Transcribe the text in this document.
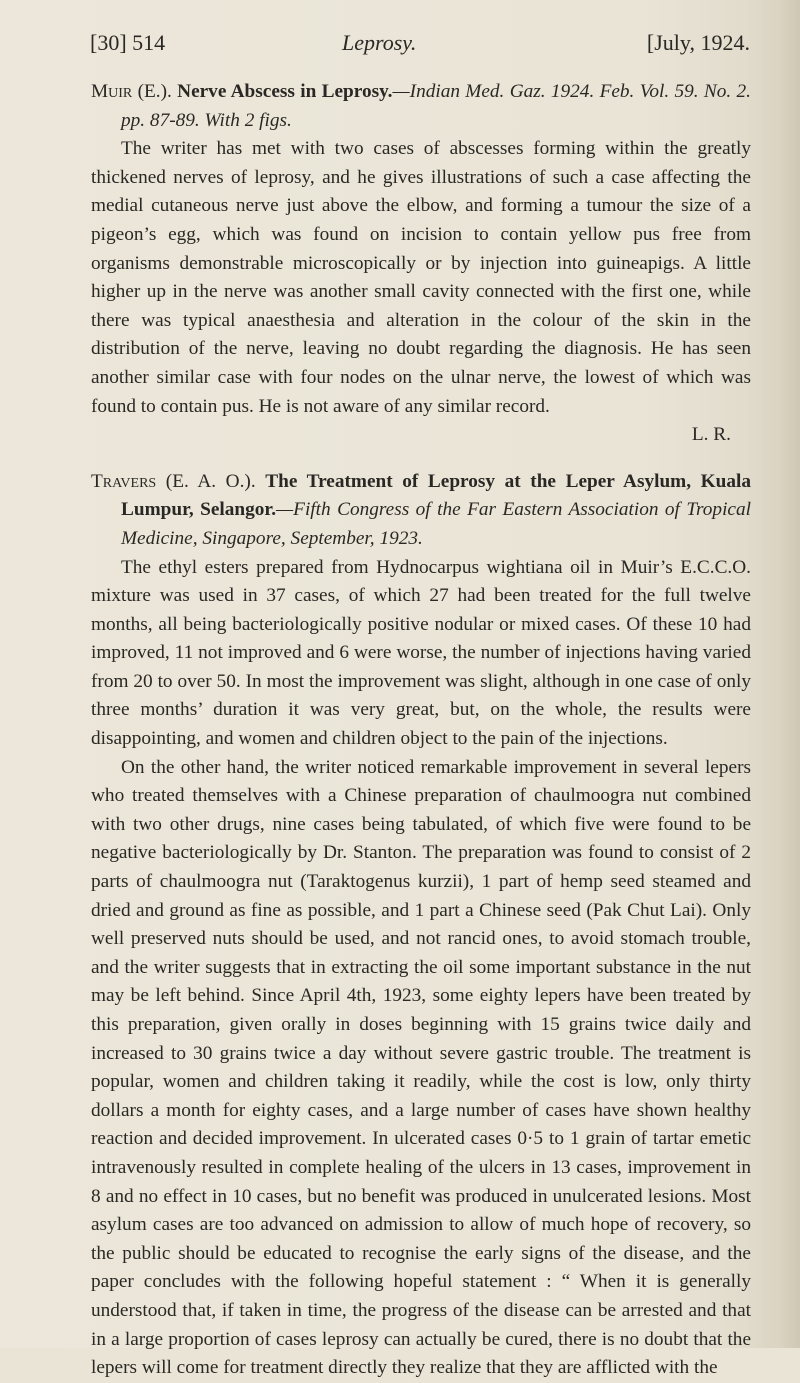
[30] 514	Leprosy.	[July, 1924.

Muir (E.). Nerve Abscess in Leprosy.—Indian Med. Gaz. 1924. Feb. Vol. 59. No. 2. pp. 87-89. With 2 figs.

The writer has met with two cases of abscesses forming within the greatly thickened nerves of leprosy, and he gives illustrations of such a case affecting the medial cutaneous nerve just above the elbow, and forming a tumour the size of a pigeon’s egg, which was found on incision to contain yellow pus free from organisms demonstrable microscopically or by injection into guineapigs. A little higher up in the nerve was another small cavity connected with the first one, while there was typical anaesthesia and alteration in the colour of the skin in the distribution of the nerve, leaving no doubt regarding the diagnosis. He has seen another similar case with four nodes on the ulnar nerve, the lowest of which was found to contain pus. He is not aware of any similar record.

L. R.

Travers (E. A. O.). The Treatment of Leprosy at the Leper Asylum, Kuala Lumpur, Selangor.—Fifth Congress of the Far Eastern Association of Tropical Medicine, Singapore, September, 1923.

The ethyl esters prepared from Hydnocarpus wightiana oil in Muir’s E.C.C.O. mixture was used in 37 cases, of which 27 had been treated for the full twelve months, all being bacteriologically positive nodular or mixed cases. Of these 10 had improved, 11 not improved and 6 were worse, the number of injections having varied from 20 to over 50. In most the improvement was slight, although in one case of only three months’ duration it was very great, but, on the whole, the results were disappointing, and women and children object to the pain of the injections.

On the other hand, the writer noticed remarkable improvement in several lepers who treated themselves with a Chinese preparation of chaulmoogra nut combined with two other drugs, nine cases being tabulated, of which five were found to be negative bacteriologically by Dr. Stanton. The preparation was found to consist of 2 parts of chaulmoogra nut (Taraktogenus kurzii), 1 part of hemp seed steamed and dried and ground as fine as possible, and 1 part a Chinese seed (Pak Chut Lai). Only well preserved nuts should be used, and not rancid ones, to avoid stomach trouble, and the writer suggests that in extracting the oil some important substance in the nut may be left behind. Since April 4th, 1923, some eighty lepers have been treated by this preparation, given orally in doses beginning with 15 grains twice daily and increased to 30 grains twice a day without severe gastric trouble. The treatment is popular, women and children taking it readily, while the cost is low, only thirty dollars a month for eighty cases, and a large number of cases have shown healthy reaction and decided improvement. In ulcerated cases 0·5 to 1 grain of tartar emetic intravenously resulted in complete healing of the ulcers in 13 cases, improvement in 8 and no effect in 10 cases, but no benefit was produced in unulcerated lesions. Most asylum cases are too advanced on admission to allow of much hope of recovery, so the public should be educated to recognise the early signs of the disease, and the paper concludes with the following hopeful statement : “ When it is generally understood that, if taken in time, the progress of the disease can be arrested and that in a large proportion of cases leprosy can actually be cured, there is no doubt that the lepers will come for treatment directly they realize that they are afflicted with the
